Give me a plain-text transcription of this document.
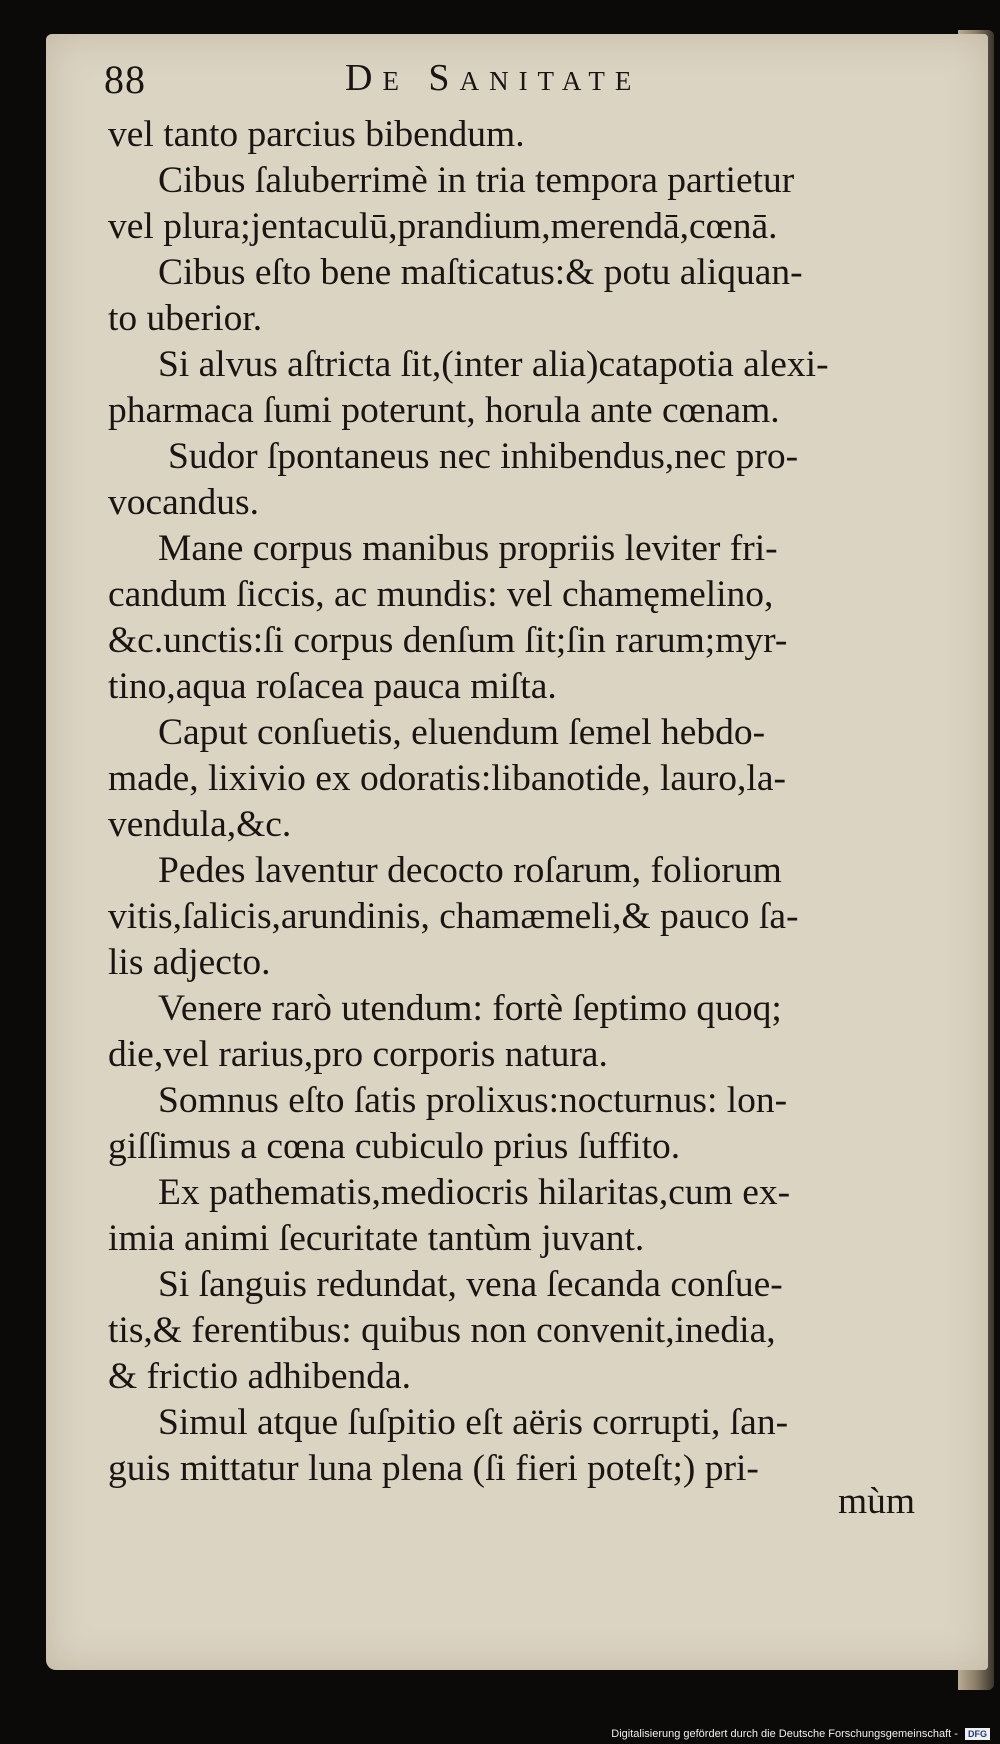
88	De Sanitate
vel tanto parcius bibendum.
Cibus ſaluberrimè in tria tempora partietur
vel plura;jentaculū,prandium,merendā,cœnā.
Cibus eſto bene maſticatus:& potu aliquan-
to uberior.
Si alvus aſtricta ſit,(inter alia)catapotia alexi-
pharmaca ſumi poterunt, horula ante cœnam.
Sudor ſpontaneus nec inhibendus,nec pro-
vocandus.
Mane corpus manibus propriis leviter fri-
candum ſiccis, ac mundis: vel chamęmelino,
&c.unctis:ſi corpus denſum ſit;ſin rarum;myr-
tino,aqua roſacea pauca miſta.
Caput conſuetis, eluendum ſemel hebdo-
made, lixivio ex odoratis:libanotide, lauro,la-
vendula,&c.
Pedes laventur decocto roſarum, foliorum
vitis,ſalicis,arundinis, chamæmeli,& pauco ſa-
lis adjecto.
Venere rarò utendum: fortè ſeptimo quoq;
die,vel rarius,pro corporis natura.
Somnus eſto ſatis prolixus:nocturnus: lon-
giſſimus a cœna cubiculo prius ſuffito.
Ex pathematis,mediocris hilaritas,cum ex-
imia animi ſecuritate tantùm juvant.
Si ſanguis redundat, vena ſecanda conſue-
tis,& ferentibus: quibus non convenit,inedia,
& frictio adhibenda.
Simul atque ſuſpitio eſt aëris corrupti, ſan-
guis mittatur luna plena (ſi fieri poteſt;) pri-
mùm
Digitalisierung gefördert durch die Deutsche Forschungsgemeinschaft - DFG
